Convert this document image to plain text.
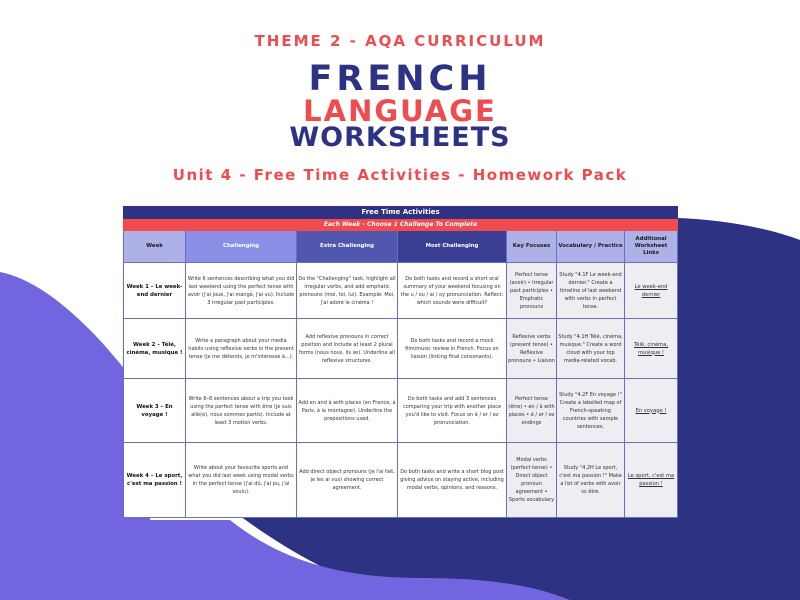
THEME 2 - AQA CURRICULUM
FRENCH
LANGUAGE
WORKSHEETS
Unit 4 - Free Time Activities - Homework Pack
Free Time Activities						
Each Week - Choose 1 Challenge To Complete						
Week	Challenging	Extra Challenging	Most Challenging	Key Focuses	Vocabulary / Practice	Additional Worksheet Links
Week 1 – Le week-end dernier	Write 6 sentences describing what you did last weekend using the perfect tense with avoir (j'ai joué, j'ai mangé, j'ai vu). Include 3 irregular past participles.	Do the "Challenging" task, highlight all irregular verbs, and add emphatic pronouns (moi, toi, lui). Example: Moi, j'ai adoré le cinéma !	Do both tasks and record a short oral summary of your weekend focusing on the u / ou / ai / oy pronunciation. Reflect: which sounds were difficult?	Perfect tense (avoir) • Irregular past participles • Emphatic pronouns	Study "4.1F Le week-end dernier." Create a timeline of last weekend with verbs in perfect tense.	Le week-end dernier
Week 2 – Télé, cinéma, musique !	Write a paragraph about your media habits using reflexive verbs in the present tense (je me détends, je m'intéresse à...).	Add reflexive pronouns in correct position and include at least 2 plural forms (nous nous, ils se). Underline all reflexive structures.	Do both tasks and record a mock film/music review in French. Focus on liaison (linking final consonants).	Reflexive verbs (present tense) • Reflexive pronouns • Liaison	Study "4.1H Télé, cinéma, musique." Create a word cloud with your top media-related vocab.	Télé, cinéma, musique !
Week 3 – En voyage !	Write 6–8 sentences about a trip you took using the perfect tense with être (je suis allé(e), nous sommes partis). Include at least 3 motion verbs.	Add en and à with places (en France, à Paris, à la montagne). Underline the prepositions used.	Do both tasks and add 3 sentences comparing your trip with another place you'd like to visit. Focus on é / er / ez pronunciation.	Perfect tense (être) • en / à with places • é / er / ez endings	Study "4.2F En voyage !" Create a labelled map of French-speaking countries with sample sentences.	En voyage !
Week 4 – Le sport, c'est ma passion !	Write about your favourite sports and what you did last week using modal verbs in the perfect tense (j'ai dû, j'ai pu, j'ai voulu).	Add direct object pronouns (je l'ai fait, je les ai vus) showing correct agreement.	Do both tasks and write a short blog post giving advice on staying active, including modal verbs, opinions, and reasons.	Modal verbs (perfect tense) • Direct object pronoun agreement • Sports vocabulary	Study "4.2H Le sport, c'est ma passion !" Make a list of verbs with avoir vs être.	Le sport, c'est ma passion !
